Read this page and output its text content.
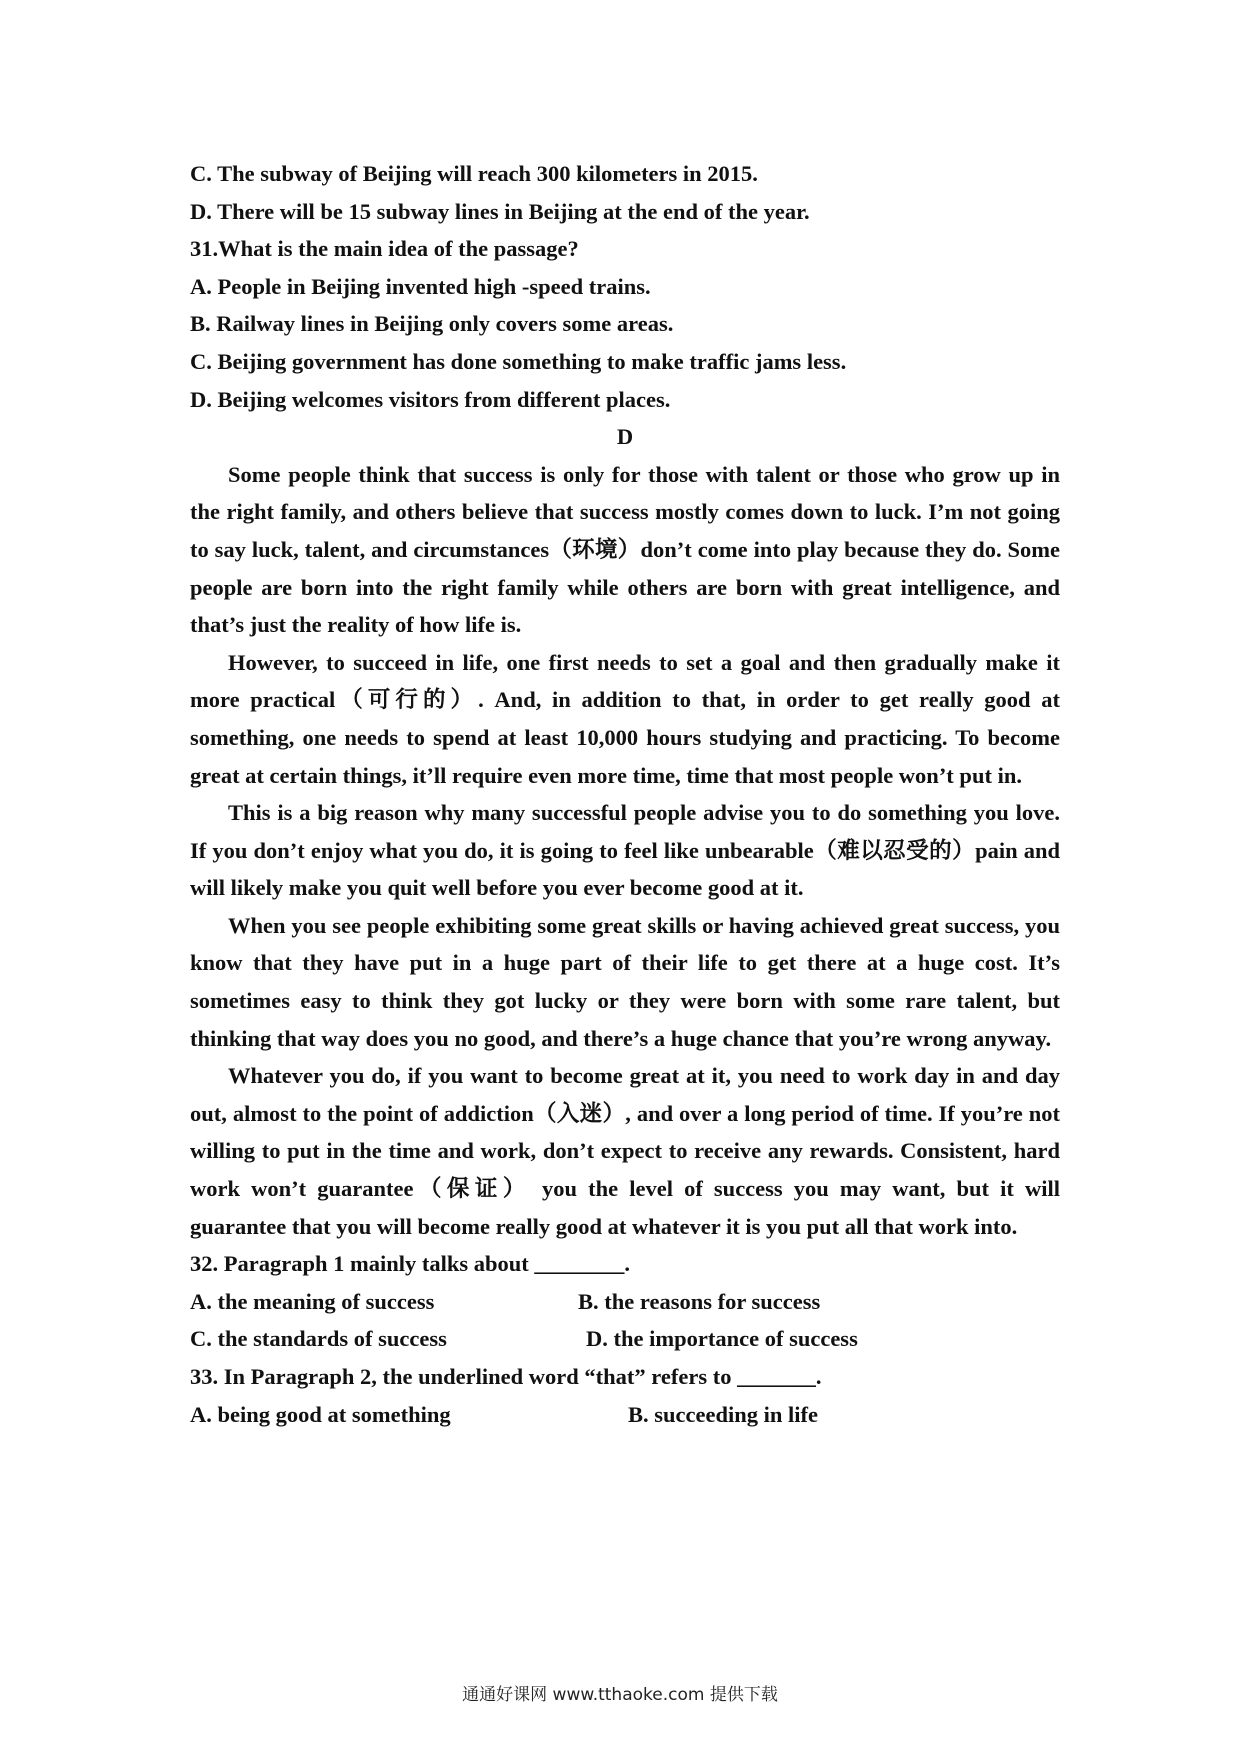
C. The subway of Beijing will reach 300 kilometers in 2015.
D. There will be 15 subway lines in Beijing at the end of the year.
31.What is the main idea of the passage?
A. People in Beijing invented high -speed trains.
B. Railway lines in Beijing only covers some areas.
C. Beijing government has done something to make traffic jams less.
D. Beijing welcomes visitors from different places.
D
Some people think that success is only for those with talent or those who grow up in the right family, and others believe that success mostly comes down to luck. I’m not going to say luck, talent, and circumstances（环境）don’t come into play because they do. Some people are born into the right family while others are born with great intelligence, and that’s just the reality of how life is.
However, to succeed in life, one first needs to set a goal and then gradually make it more practical（可行的）. And, in addition to that, in order to get really good at something, one needs to spend at least 10,000 hours studying and practicing. To become great at certain things, it’ll require even more time, time that most people won’t put in.
This is a big reason why many successful people advise you to do something you love. If you don’t enjoy what you do, it is going to feel like unbearable（难以忍受的）pain and will likely make you quit well before you ever become good at it.
When you see people exhibiting some great skills or having achieved great success, you know that they have put in a huge part of their life to get there at a huge cost. It’s sometimes easy to think they got lucky or they were born with some rare talent, but thinking that way does you no good, and there’s a huge chance that you’re wrong anyway.
Whatever you do, if you want to become great at it, you need to work day in and day out, almost to the point of addiction（入迷）, and over a long period of time. If you’re not willing to put in the time and work, don’t expect to receive any rewards. Consistent, hard work won’t guarantee（保证） you the level of success you may want, but it will guarantee that you will become really good at whatever it is you put all that work into.
32. Paragraph 1 mainly talks about ________.
A. the meaning of success	B. the reasons for success
C. the standards of success	D. the importance of success
33. In Paragraph 2, the underlined word “that” refers to _______.
A. being good at something	B. succeeding in life
通通好课网 www.tthaoke.com 提供下载
